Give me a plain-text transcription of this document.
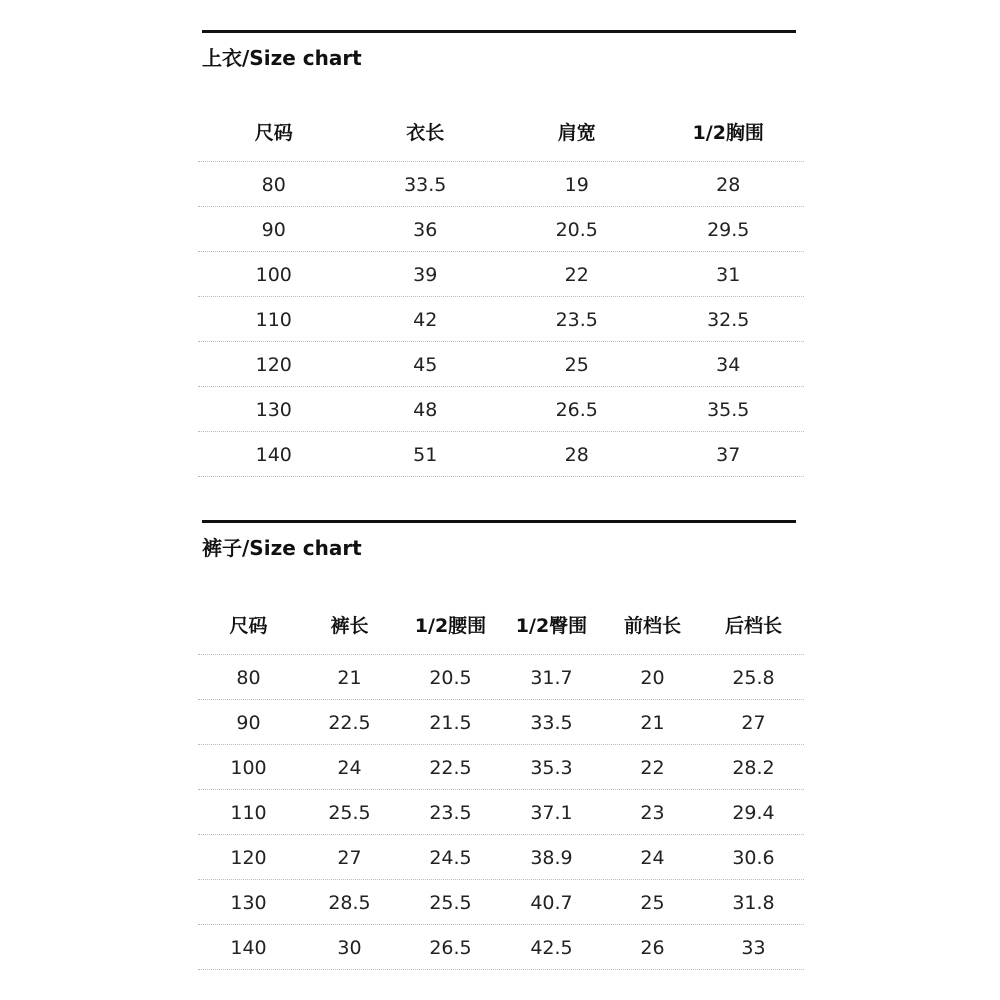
上衣/Size chart
尺码	衣长	肩宽	1/2胸围
80	33.5	19	28
90	36	20.5	29.5
100	39	22	31
110	42	23.5	32.5
120	45	25	34
130	48	26.5	35.5
140	51	28	37
裤子/Size chart
尺码	裤长	1/2腰围	1/2臀围	前档长	后档长
80	21	20.5	31.7	20	25.8
90	22.5	21.5	33.5	21	27
100	24	22.5	35.3	22	28.2
110	25.5	23.5	37.1	23	29.4
120	27	24.5	38.9	24	30.6
130	28.5	25.5	40.7	25	31.8
140	30	26.5	42.5	26	33
